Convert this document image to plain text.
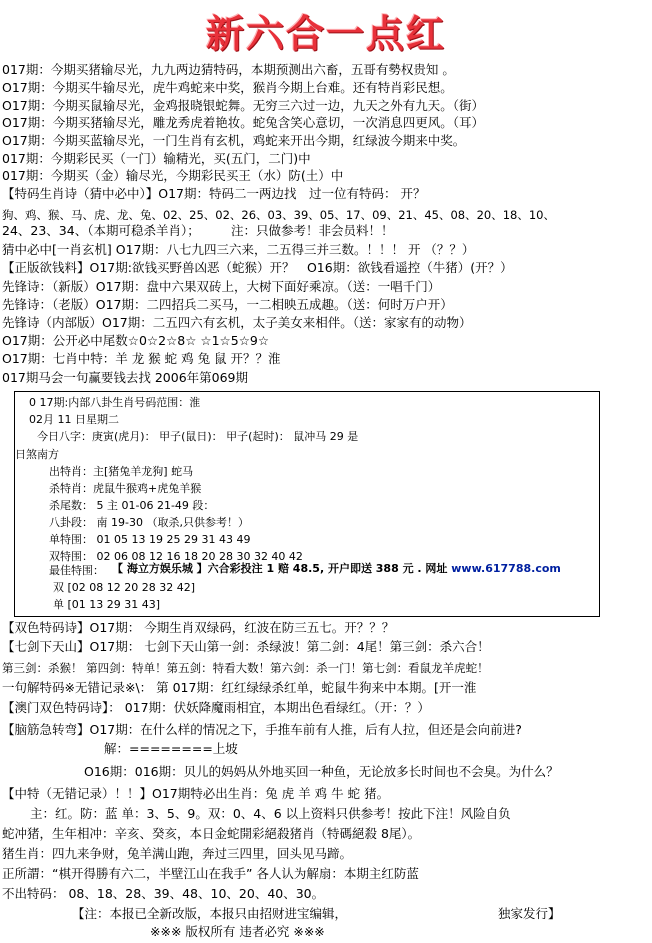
新六合一点红
017期：今期买猪输尽光，九九两边猜特码，本期预测出六畜，五哥有勢权贵知 。
O17期：今期买牛输尽光，虎牛鸡蛇来中奖，猴肖今期上台难。还有特肖彩民想。
O17期：今期买鼠输尽光，金鸡报晓银蛇舞。无穷三六过一边，九天之外有九天。（街）
O17期：今期买猪输尽光，雕龙秀虎着艳妆。蛇兔含笑心意切，一次消息四更风。（耳）
O17期：今期买蓝输尽光，一门生肖有玄机，鸡蛇来开出今期，红绿波今期来中奖。
017期：今期彩民买（一门）输精光，买(五门，二门)中
017期：今期买（金）输尽光，今期彩民买王（水）防(土）中
【特码生肖诗（猜中必中）】O17期：特码二一两边找　过一位有特码： 开？
狗、鸡、猴、马、虎、龙、兔、02、25、02、26、03、39、05、17、09、21、45、08、20、18、10、
24、23、34、（本期可稳杀羊肖）；　　　注：只做参考！非会员料！！
猜中必中[一肖玄机] O17期：八七九四三六来，二五得三并三数。！！！ 开 （？？）
【正版欲钱料】O17期:欲钱买野兽凶恶（蛇猴）开？　O16期：欲钱看遥控（牛猪）(开？）
先锋诗：（新版）O17期：盘中六果双砖上，大树下面好乘凉。（送：一唱千门）
先锋诗：（老版）O17期：二四招兵二买马，一二相映五成趣。（送：何时万户开）
先锋诗（内部版）O17期：二五四六有玄机，太子美女来相伴。（送：家家有的动物）
O17期：公开必中尾数☆0☆2☆8☆ ☆1☆5☆9☆
O17期：七肖中特：羊 龙 猴 蛇 鸡 兔 鼠 开？？淮
017期马会一句赢要钱去找 2006年第069期
0 17期:内部八卦生肖号码范围：淮
02月 11 日星期二
今日八字：庚寅(虎月)： 甲子(鼠日)： 甲子(起时)： 鼠冲马 29 是
日煞南方
出特肖：主[猪兔羊龙狗] 蛇马
杀特肖：虎鼠牛猴鸡+虎兔羊猴
杀尾数： 5 主 01-06 21-49 段：
八卦段： 南 19-30 （取杀,只供参考！）
单特围： 01 05 13 19 25 29 31 43 49
双特围： 02 06 08 12 16 18 20 28 30 32 40 42
最佳特围：
双 [02 08 12 20 28 32 42]
单 [01 13 29 31 43]
【 海立方娱乐城 】六合彩投注 1 赔 48.5, 开户即送 388 元 . 网址 www.617788.com
【双色特码诗】O17期： 今期生肖双绿码，红波在防三五七。开？？？
【七剑下天山】O17期： 七剑下天山第一剑：杀绿波！第二剑：4尾！第三剑：杀六合！
第三剑：杀猴！ 第四剑：特单！第五剑：特看大数！第六剑：杀一门！第七剑：看鼠龙羊虎蛇！
一句解特码※无错记录※\： 第 017期：红红绿绿杀红单，蛇鼠牛狗来中本期。[开一淮
【澳门双色特码诗】： 017期：伏妖降魔雨相宜，本期出色看绿红。（开：？）
【脑筋急转弯】O17期：在什么样的情况之下，手推车前有人推，后有人拉，但还是会向前进?
解：========上坡
O16期：016期：贝儿的妈妈从外地买回一种鱼，无论放多长时间也不会臭。为什么？
【中特（无错记录）！！】O17期特必出生肖：兔 虎 羊 鸡 牛 蛇 猪。
主：红。防：蓝 单：3、5、9。双：0、4、6 以上资料只供参考！按此下注！风险自负
蛇冲猪，生年相冲：辛亥、癸亥，本日金蛇開彩絕殺猪肖（特碼絕殺 8尾）。
猪生肖：四九来争财，兔羊满山跑，奔过三四里，回头见马蹄。
正所謂：“棋开得勝有六二，半壁江山在我手” 各人认为解扇：本期主红防蓝
不出特码： 08、18、28、39、48、10、20、40、30。
【注：本报已全新改版，本报只由招财进宝编辑，	独家发行】
※※※ 版权所有 违者必究 ※※※
